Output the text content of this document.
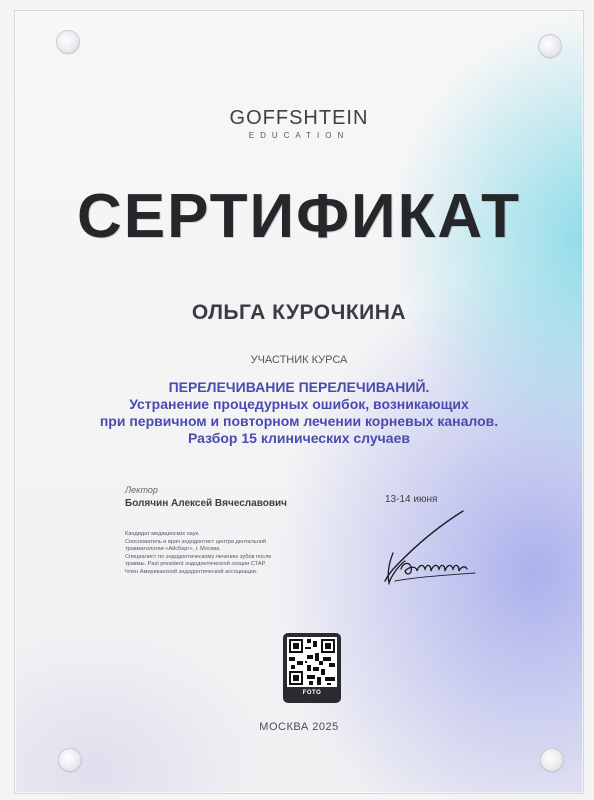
GOFFSHTEIN
EDUCATION
СЕРТИФИКАТ
ОЛЬГА КУРОЧКИНА
УЧАСТНИК КУРСА
ПЕРЕЛЕЧИВАНИЕ ПЕРЕЛЕЧИВАНИЙ.
Устранение процедурных ошибок, возникающих
при первичном и повторном лечении корневых каналов.
Разбор 15 клинических случаев
Лектор
Болячин Алексей Вячеславович	13-14 июня
Кандидат медицинских наук.
Сооснователь и врач эндодонтист центра дентальной
травматологии «Айсберг», г. Москва.
Специалист по эндодонтическому лечению зубов после
травмы. Past president эндодонтической секции СТАР.
Член Американской эндодонтической ассоциации.
FOTO
МОСКВА 2025
